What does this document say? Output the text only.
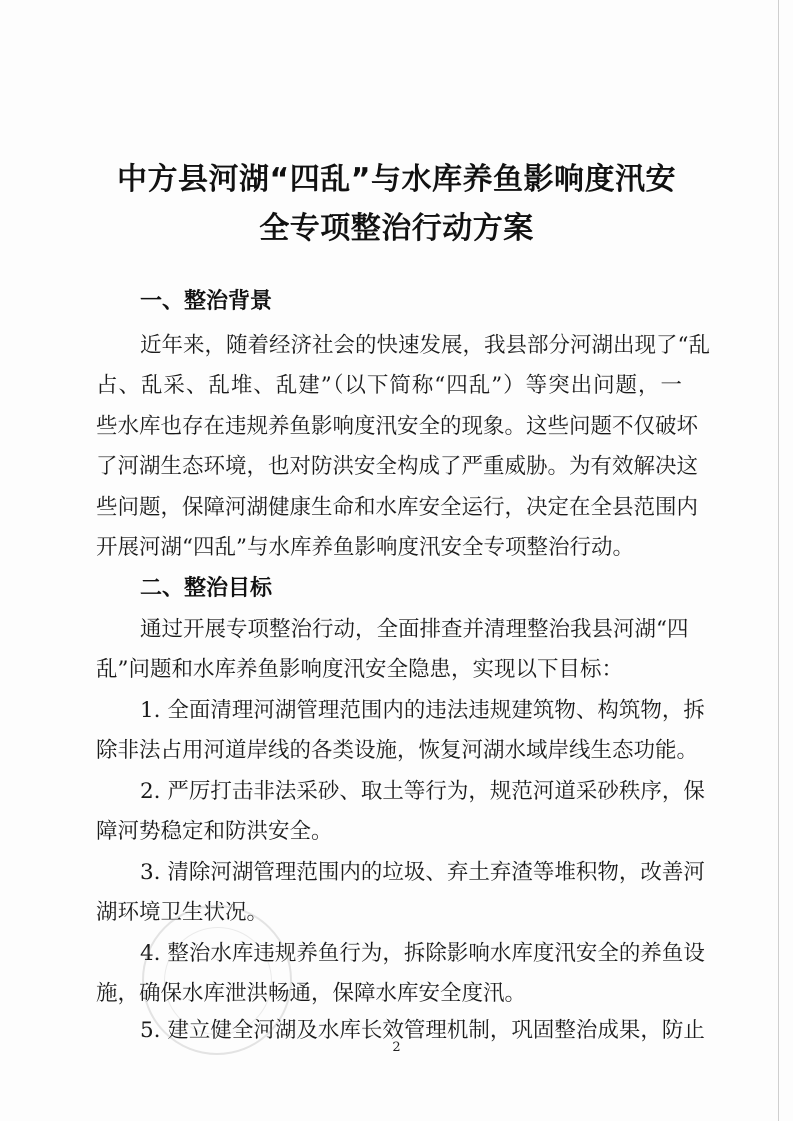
中方县河湖“四乱”与水库养鱼影响度汛安
全专项整治行动方案
一、整治背景
近年来，随着经济社会的快速发展，我县部分河湖出现了“乱
占、乱采、乱堆、乱建”（以下简称“四乱”）等突出问题，一
些水库也存在违规养鱼影响度汛安全的现象。这些问题不仅破坏
了河湖生态环境，也对防洪安全构成了严重威胁。为有效解决这
些问题，保障河湖健康生命和水库安全运行，决定在全县范围内
开展河湖“四乱”与水库养鱼影响度汛安全专项整治行动。
二、整治目标
通过开展专项整治行动，全面排查并清理整治我县河湖“四
乱”问题和水库养鱼影响度汛安全隐患，实现以下目标：
1. 全面清理河湖管理范围内的违法违规建筑物、构筑物，拆
除非法占用河道岸线的各类设施，恢复河湖水域岸线生态功能。
2. 严厉打击非法采砂、取土等行为，规范河道采砂秩序，保
障河势稳定和防洪安全。
3. 清除河湖管理范围内的垃圾、弃土弃渣等堆积物，改善河
湖环境卫生状况。
4. 整治水库违规养鱼行为，拆除影响水库度汛安全的养鱼设
施，确保水库泄洪畅通，保障水库安全度汛。
5. 建立健全河湖及水库长效管理机制，巩固整治成果，防止
2
